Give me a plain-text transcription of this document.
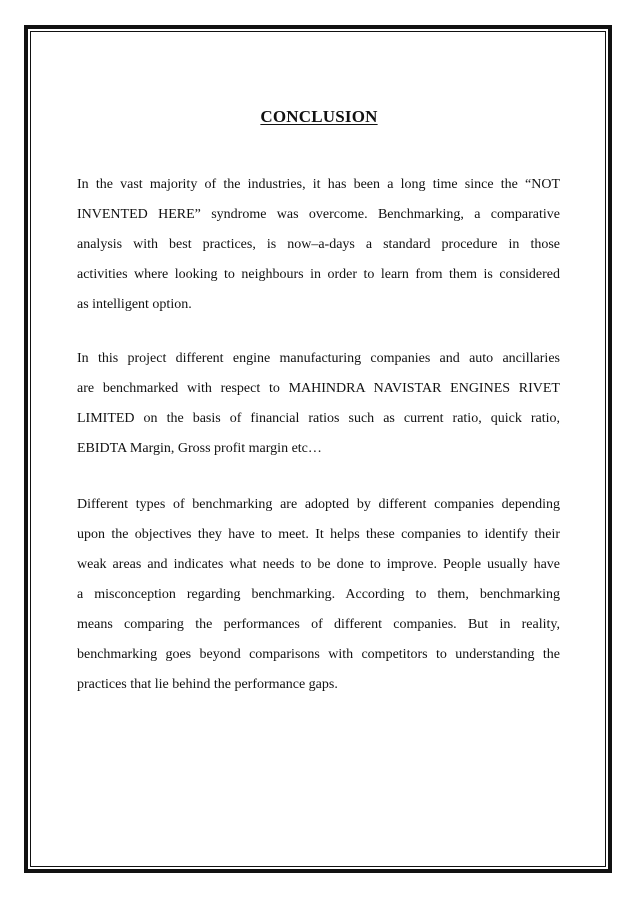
CONCLUSION
In the vast majority of the industries, it has been a long time since the “NOT
INVENTED HERE” syndrome was overcome. Benchmarking, a comparative
analysis with best practices, is now–a-days a standard procedure in those
activities where looking to neighbours in order to learn from them is considered
as intelligent option.
In this project different engine manufacturing companies and auto ancillaries
are benchmarked with respect to MAHINDRA NAVISTAR ENGINES RIVET
LIMITED on the basis of financial ratios such as current ratio, quick ratio,
EBIDTA Margin, Gross profit margin etc…
Different types of benchmarking are adopted by different companies depending
upon the objectives they have to meet. It helps these companies to identify their
weak areas and indicates what needs to be done to improve. People usually have
a misconception regarding benchmarking. According to them, benchmarking
means comparing the performances of different companies. But in reality,
benchmarking goes beyond comparisons with competitors to understanding the
practices that lie behind the performance gaps.
